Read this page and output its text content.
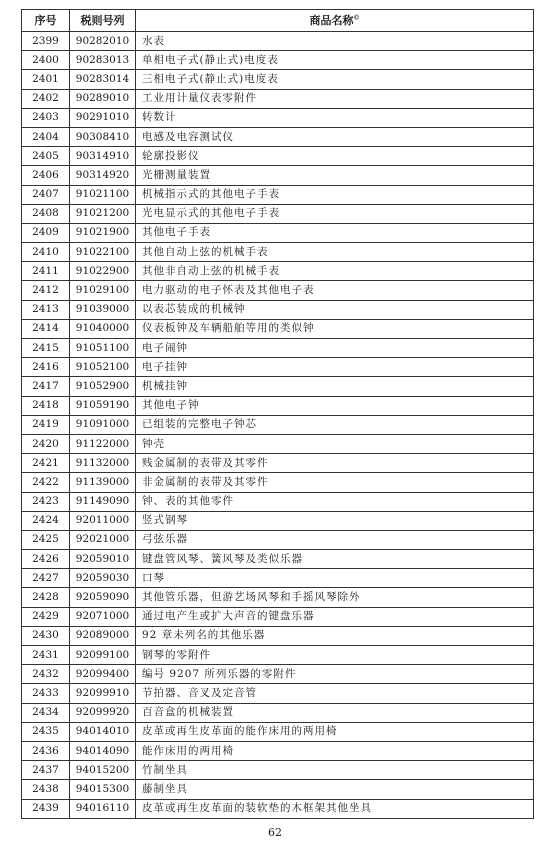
序号	税则号列	商品名称©
2399	90282010	水表
2400	90283013	单相电子式(静止式)电度表
2401	90283014	三相电子式(静止式)电度表
2402	90289010	工业用计量仪表零附件
2403	90291010	转数计
2404	90308410	电感及电容测试仪
2405	90314910	轮廓投影仪
2406	90314920	光栅测量装置
2407	91021100	机械指示式的其他电子手表
2408	91021200	光电显示式的其他电子手表
2409	91021900	其他电子手表
2410	91022100	其他自动上弦的机械手表
2411	91022900	其他非自动上弦的机械手表
2412	91029100	电力驱动的电子怀表及其他电子表
2413	91039000	以表芯装成的机械钟
2414	91040000	仪表板钟及车辆船舶等用的类似钟
2415	91051100	电子闹钟
2416	91052100	电子挂钟
2417	91052900	机械挂钟
2418	91059190	其他电子钟
2419	91091000	已组装的完整电子钟芯
2420	91122000	钟壳
2421	91132000	贱金属制的表带及其零件
2422	91139000	非金属制的表带及其零件
2423	91149090	钟、表的其他零件
2424	92011000	竖式钢琴
2425	92021000	弓弦乐器
2426	92059010	键盘管风琴、簧风琴及类似乐器
2427	92059030	口琴
2428	92059090	其他管乐器，但游艺场风琴和手摇风琴除外
2429	92071000	通过电产生或扩大声音的键盘乐器
2430	92089000	92 章未列名的其他乐器
2431	92099100	钢琴的零附件
2432	92099400	编号 9207 所列乐器的零附件
2433	92099910	节拍器、音叉及定音管
2434	92099920	百音盒的机械装置
2435	94014010	皮革或再生皮革面的能作床用的两用椅
2436	94014090	能作床用的两用椅
2437	94015200	竹制坐具
2438	94015300	藤制坐具
2439	94016110	皮革或再生皮革面的装软垫的木框架其他坐具
62
